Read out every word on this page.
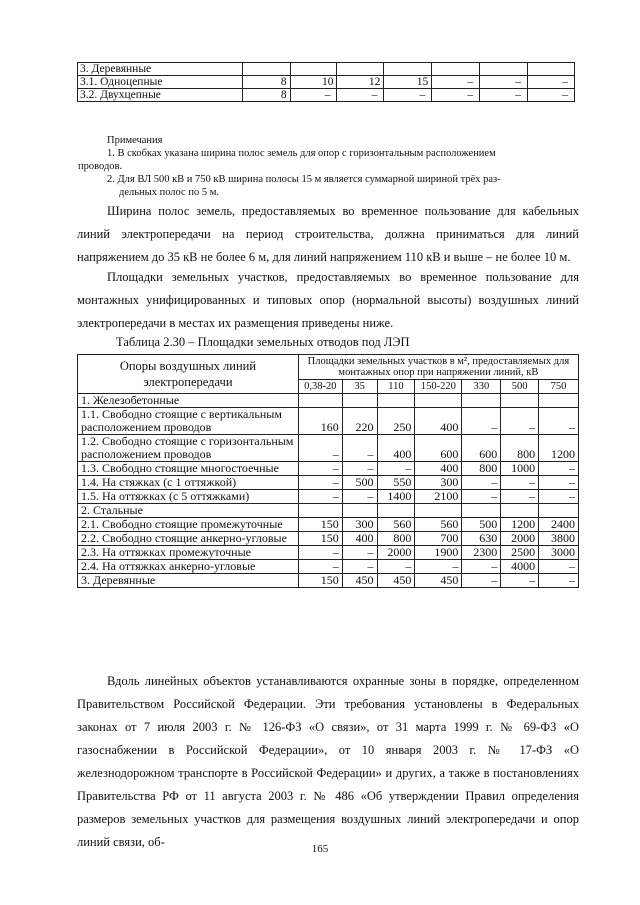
3. Деревянные							
3.1. Одноцепные	8	10	12	15	–	–	–
3.2. Двухцепные	8	–	–	–	–	–	–

Примечания

1. В скобках указана ширина полос земель для опор с горизонтальным расположением

проводов.

2. Для ВЛ 500 кВ и 750 кВ ширина полосы 15 м является суммарной шириной трёх раз-

дельных полос по 5 м.

Ширина полос земель, предоставляемых во временное пользование для кабельных линий электропередачи на период строительства, должна приниматься для линий напряжением до 35 кВ не более 6 м, для линий напряжением 110 кВ и выше – не более 10 м.

Площадки земельных участков, предоставляемых во временное пользование для монтажных унифицированных и типовых опор (нормальной высоты) воздушных линий электропередачи в местах их размещения приведены ниже.

Таблица 2.30 – Площадки земельных отводов под ЛЭП

Опоры воздушных линий электропередачи	Площадки земельных участков в м², предоставляемых для монтажных опор при напряжении линий, кВ						
	0,38-20	35	110	150-220	330	500	750
1. Железобетонные							
1.1. Свободно стоящие с вертикальным расположением проводов	160	220	250	400	–	–	–
1.2. Свободно стоящие с горизонтальным расположением проводов	–	–	400	600	600	800	1200
1.3. Свободно стоящие многостоечные	–	–	–	400	800	1000	–
1.4. На стяжках (с 1 оттяжкой)	–	500	550	300	–	–	–
1.5. На оттяжках (с 5 оттяжками)	–	–	1400	2100	–	–	–
2. Стальные							
2.1. Свободно стоящие промежуточные	150	300	560	560	500	1200	2400
2.2. Свободно стоящие анкерно-угловые	150	400	800	700	630	2000	3800
2.3. На оттяжках промежуточные	–	–	2000	1900	2300	2500	3000
2.4. На оттяжках анкерно-угловые	–	–	–	–	–	4000	–
3. Деревянные	150	450	450	450	–	–	–

Вдоль линейных объектов устанавливаются охранные зоны в порядке, определенном Правительством Российской Федерации. Эти требования установлены в Федеральных законах от 7 июля 2003 г. № 126-ФЗ «О связи», от 31 марта 1999 г. № 69-ФЗ «О газоснабжении в Российской Федерации», от 10 января 2003 г. № 17-ФЗ «О железнодорожном транспорте в Российской Федерации» и других, а также в постановлениях Правительства РФ от 11 августа 2003 г. № 486 «Об утверждении Правил определения размеров земельных участков для размещения воздушных линий электропередачи и опор линий связи, об-	165
